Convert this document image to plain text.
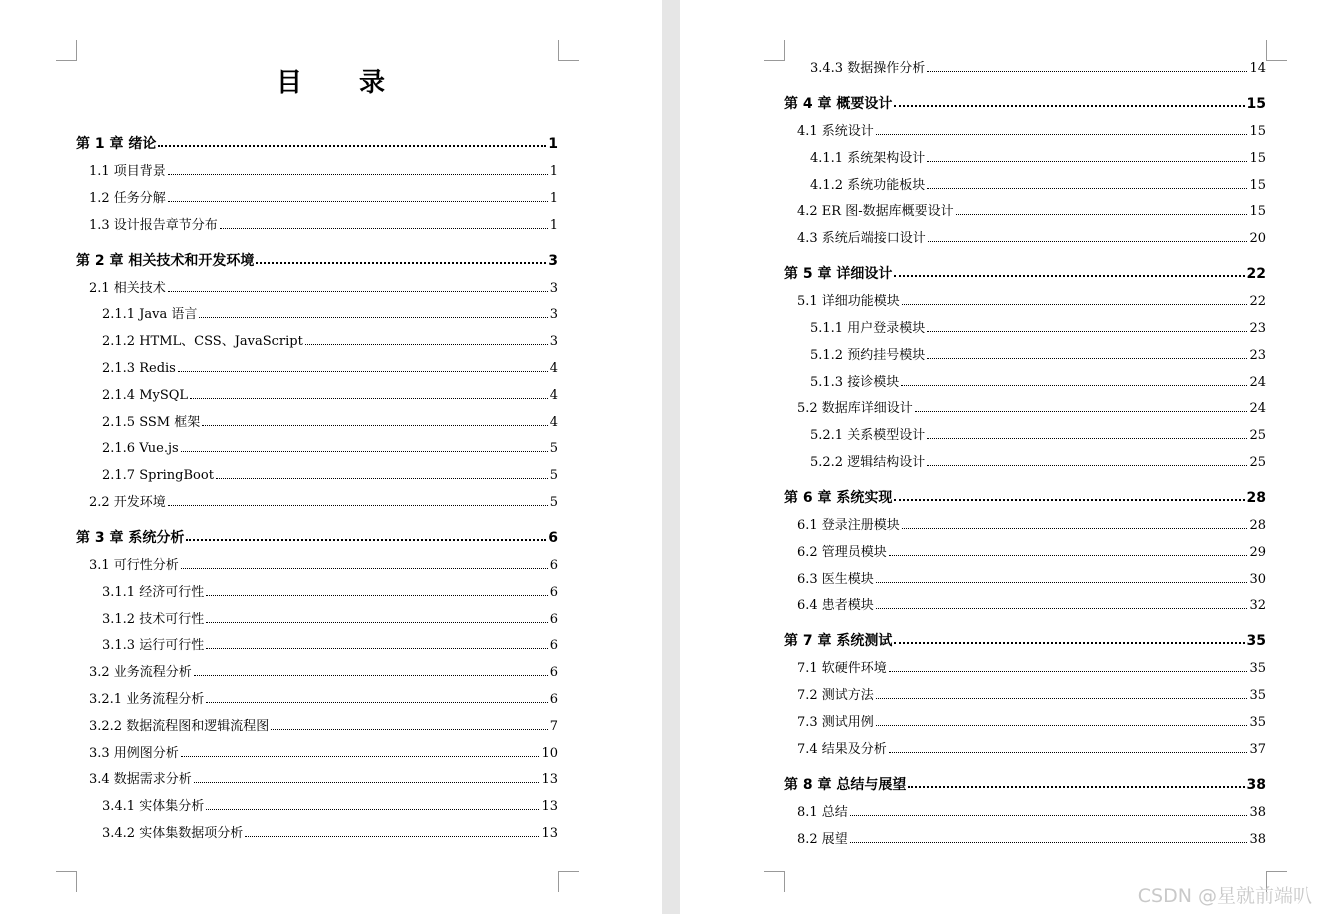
目 录
第 1 章 绪论	1
1.1 项目背景	1
1.2 任务分解	1
1.3 设计报告章节分布	1
第 2 章 相关技术和开发环境	3
2.1 相关技术	3
2.1.1 Java 语言	3
2.1.2 HTML、CSS、JavaScript	3
2.1.3 Redis	4
2.1.4 MySQL	4
2.1.5 SSM 框架	4
2.1.6 Vue.js	5
2.1.7 SpringBoot	5
2.2 开发环境	5
第 3 章 系统分析	6
3.1 可行性分析	6
3.1.1 经济可行性	6
3.1.2 技术可行性	6
3.1.3 运行可行性	6
3.2 业务流程分析	6
3.2.1 业务流程分析	6
3.2.2 数据流程图和逻辑流程图	7
3.3 用例图分析	10
3.4 数据需求分析	13
3.4.1 实体集分析	13
3.4.2 实体集数据项分析	13
3.4.3 数据操作分析	14
第 4 章 概要设计	15
4.1 系统设计	15
4.1.1 系统架构设计	15
4.1.2 系统功能板块	15
4.2 ER 图-数据库概要设计	15
4.3 系统后端接口设计	20
第 5 章 详细设计	22
5.1 详细功能模块	22
5.1.1 用户登录模块	23
5.1.2 预约挂号模块	23
5.1.3 接诊模块	24
5.2 数据库详细设计	24
5.2.1 关系模型设计	25
5.2.2 逻辑结构设计	25
第 6 章 系统实现	28
6.1 登录注册模块	28
6.2 管理员模块	29
6.3 医生模块	30
6.4 患者模块	32
第 7 章 系统测试	35
7.1 软硬件环境	35
7.2 测试方法	35
7.3 测试用例	35
7.4 结果及分析	37
第 8 章 总结与展望	38
8.1 总结	38
8.2 展望	38
CSDN @星就前端叭
